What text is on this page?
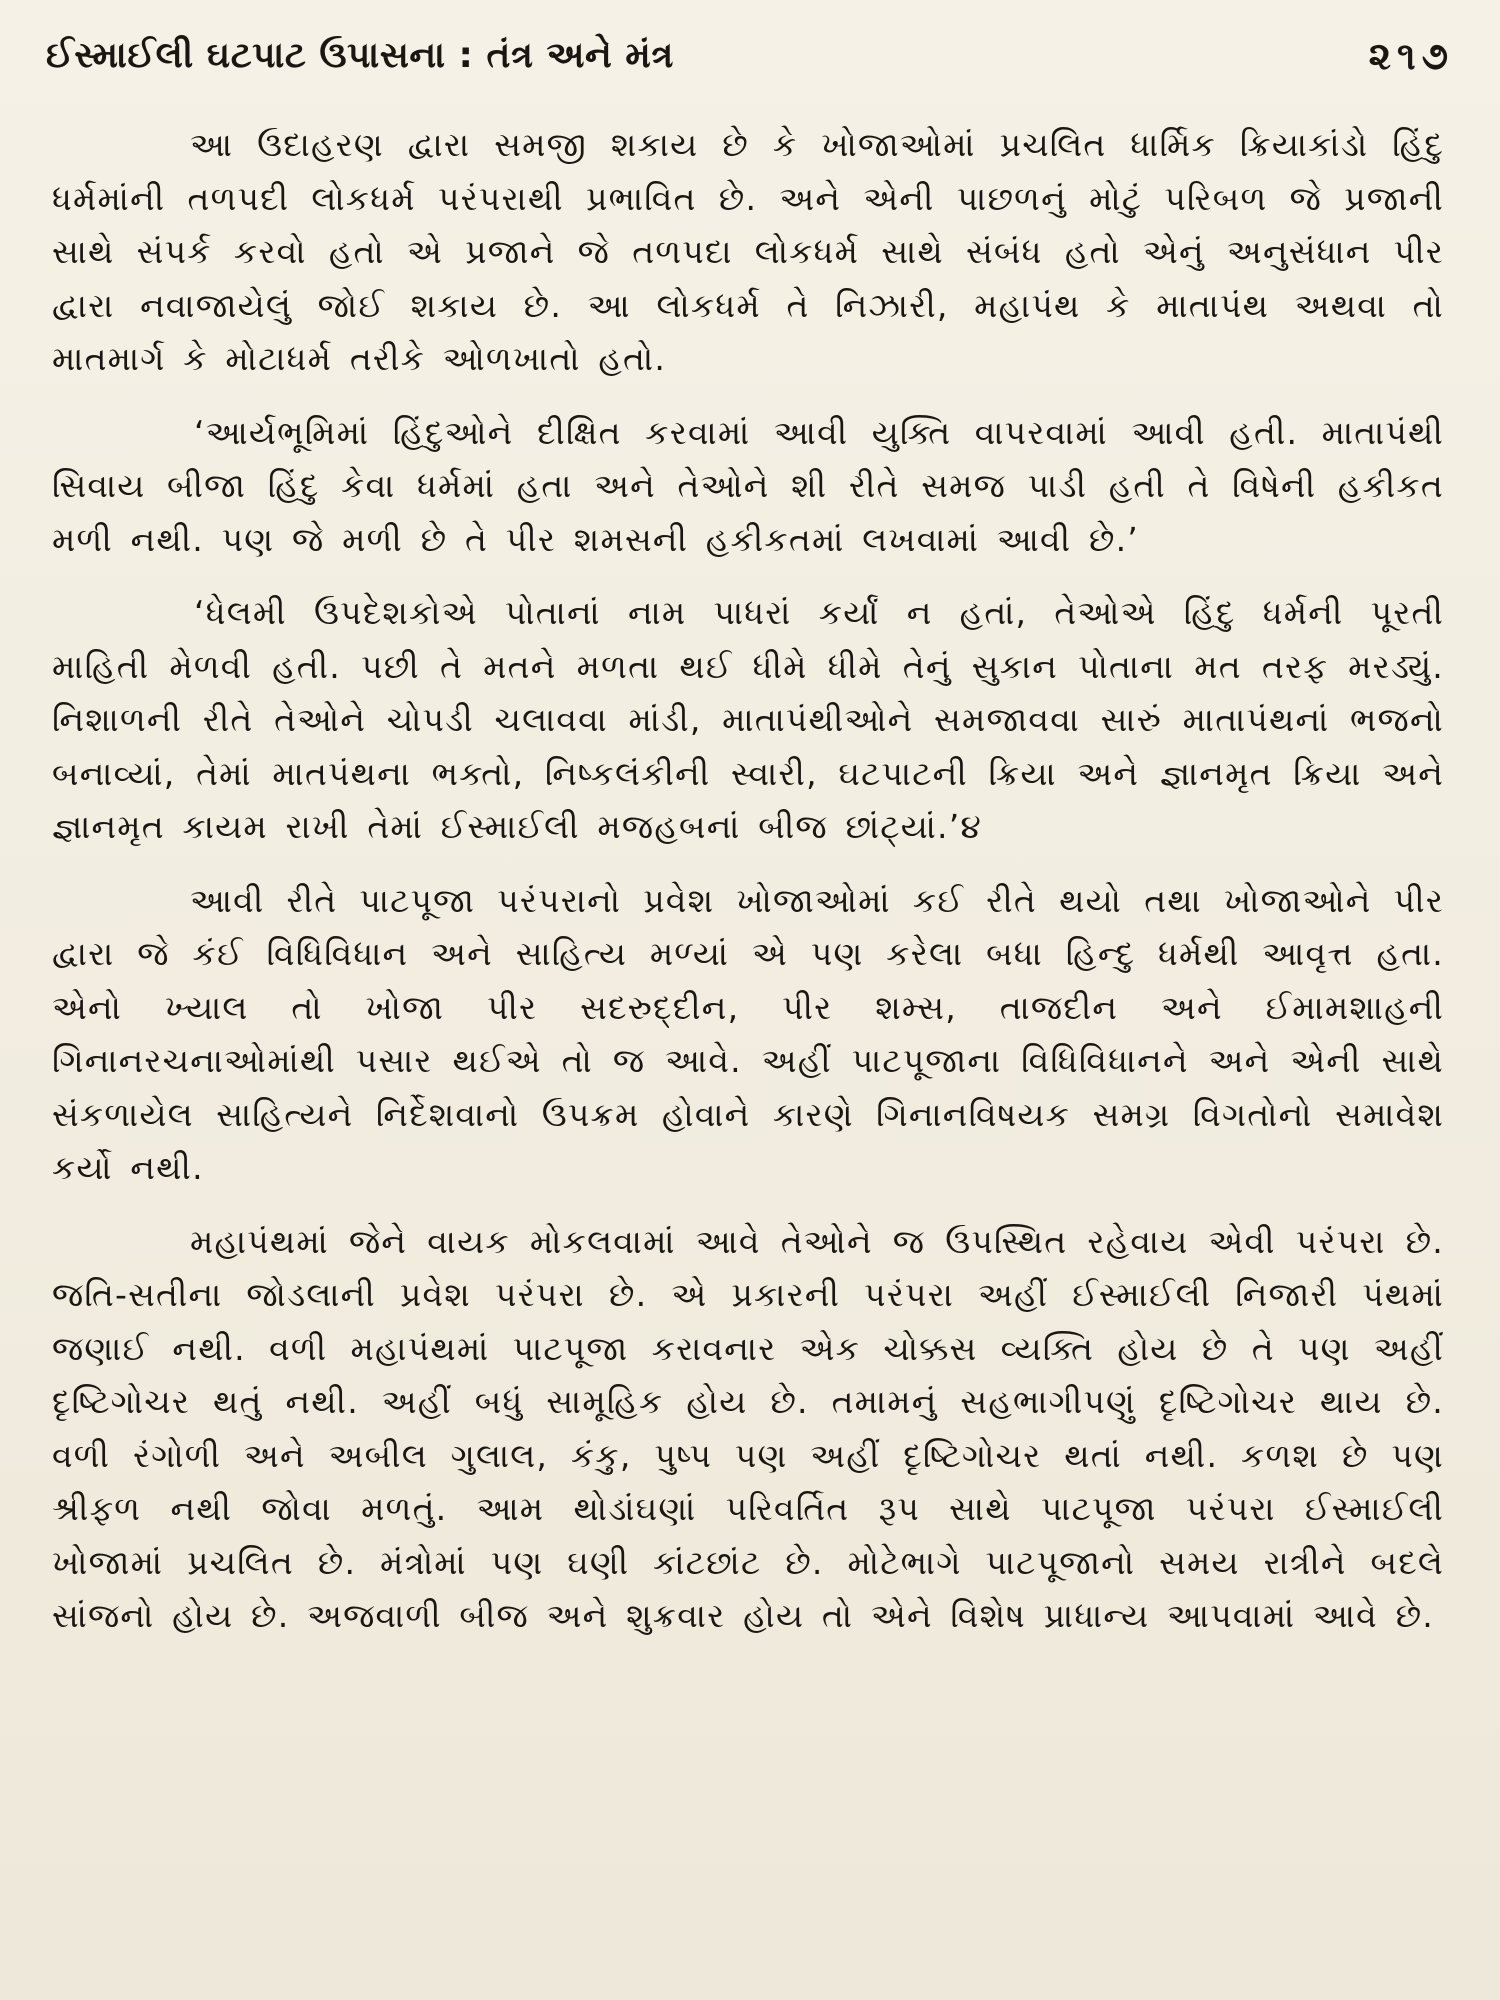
ઈસ્માઈલી ઘટપાટ ઉપાસના : તંત્ર અને મંત્ર	૨૧૭

આ ઉદાહરણ દ્વારા સમજી શકાય છે કે ખોજાઓમાં પ્રચલિત ધાર્મિક ક્રિયાકાંડો હિંદુ ધર્મમાંની તળપદી લોકધર્મ પરંપરાથી પ્રભાવિત છે. અને એની પાછળનું મોટું પરિબળ જે પ્રજાની સાથે સંપર્ક કરવો હતો એ પ્રજાને જે તળપદા લોકધર્મ સાથે સંબંધ હતો એનું અનુસંધાન પીર દ્વારા નવાજાયેલું જોઈ શકાય છે. આ લોકધર્મ તે નિઝારી, મહાપંથ કે માતાપંથ અથવા તો માતમાર્ગ કે મોટાધર્મ તરીકે ઓળખાતો હતો.

‘આર્યભૂમિમાં હિંદુઓને દીક્ષિત કરવામાં આવી યુક્તિ વાપરવામાં આવી હતી. માતાપંથી સિવાય બીજા હિંદુ કેવા ધર્મમાં હતા અને તેઓને શી રીતે સમજ પાડી હતી તે વિષેની હકીકત મળી નથી. પણ જે મળી છે તે પીર શમસની હકીકતમાં લખવામાં આવી છે.’

‘ધેલમી ઉપદેશકોએ પોતાનાં નામ પાધરાં કર્યાં ન હતાં, તેઓએ હિંદુ ધર્મની પૂરતી માહિતી મેળવી હતી. પછી તે મતને મળતા થઈ ધીમે ધીમે તેનું સુકાન પોતાના મત તરફ મરડ્યું. નિશાળની રીતે તેઓને ચોપડી ચલાવવા માંડી, માતાપંથીઓને સમજાવવા સારું માતાપંથનાં ભજનો બનાવ્યાં, તેમાં માતપંથના ભક્તો, નિષ્કલંકીની સ્વારી, ઘટપાટની ક્રિયા અને જ્ઞાનમૃત ક્રિયા અને જ્ઞાનમૃત કાયમ રાખી તેમાં ઈસ્માઈલી મજહબનાં બીજ છાંટ્યાં.’૪

આવી રીતે પાટપૂજા પરંપરાનો પ્રવેશ ખોજાઓમાં કઈ રીતે થયો તથા ખોજાઓને પીર દ્વારા જે કંઈ વિધિવિધાન અને સાહિત્ય મળ્યાં એ પણ કરેલા બધા હિન્દુ ધર્મથી આવૃત્ત હતા. એનો ખ્યાલ તો ખોજા પીર સદરુદ્દીન, પીર શમ્સ, તાજદીન અને ઈમામશાહની ગિનાનરચનાઓમાંથી પસાર થઈએ તો જ આવે. અહીં પાટપૂજાના વિધિવિધાનને અને એની સાથે સંકળાયેલ સાહિત્યને નિર્દેશવાનો ઉપક્રમ હોવાને કારણે ગિનાનવિષયક સમગ્ર વિગતોનો સમાવેશ કર્યો નથી.

મહાપંથમાં જેને વાયક મોકલવામાં આવે તેઓને જ ઉપસ્થિત રહેવાય એવી પરંપરા છે. જતિ-સતીના જોડલાની પ્રવેશ પરંપરા છે. એ પ્રકારની પરંપરા અહીં ઈસ્માઈલી નિજારી પંથમાં જણાઈ નથી. વળી મહાપંથમાં પાટપૂજા કરાવનાર એક ચોક્કસ વ્યક્તિ હોય છે તે પણ અહીં દૃષ્ટિગોચર થતું નથી. અહીં બધું સામૂહિક હોય છે. તમામનું સહભાગીપણું દૃષ્ટિગોચર થાય છે. વળી રંગોળી અને અબીલ ગુલાલ, કંકુ, પુષ્પ પણ અહીં દૃષ્ટિગોચર થતાં નથી. કળશ છે પણ શ્રીફળ નથી જોવા મળતું. આમ થોડાંઘણાં પરિવર્તિત રૂપ સાથે પાટપૂજા પરંપરા ઈસ્માઈલી ખોજામાં પ્રચલિત છે. મંત્રોમાં પણ ઘણી કાંટછાંટ છે. મોટેભાગે પાટપૂજાનો સમય રાત્રીને બદલે સાંજનો હોય છે. અજવાળી બીજ અને શુક્રવાર હોય તો એને વિશેષ પ્રાધાન્ય આપવામાં આવે છે.
